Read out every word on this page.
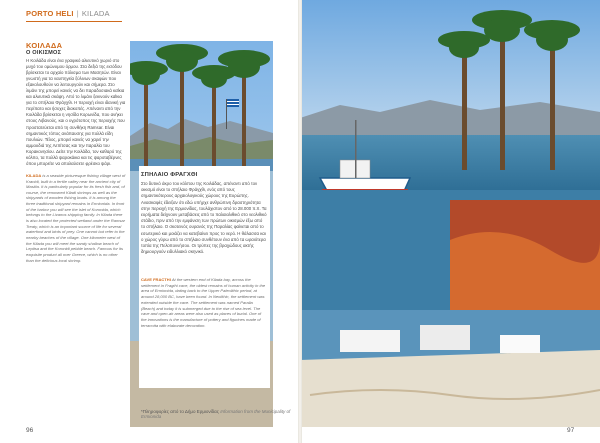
PORTO HELI | KILADA
ΚΟΙΛΑΔΑ
Ο ΟΙΚΙΣΜΟΣ

Η Κοιλάδα είναι ένα γραφικό αλιευτικό χωριό στο μυχό του ομώνυμου όρμου. Στα δεξιά της εισόδου βρίσκεται το αρχαίο πόλισμα των Μασητών. Είναι γνωστή για τα ναυπηγεία ξύλινων σκαφών που εξακολουθούν να λειτουργούν και σήμερα. Στο λιμάνι της μπορεί κανείς να δει παραδοσιακά καΐκια και αλιευτικά σκάφη. Από το λιμάνι ξεκινούν καΐκια για το σπήλαιο Φράγχθι. Η περιοχή είναι ιδανική για περίπατο και ήσυχες διακοπές. Απέναντι από την Κοιλάδα βρίσκεται η νησίδα Κορωνίδα, που ανήκει στους Λιβανούς, και ο υγρότοπος της περιοχής που προστατεύεται από τη συνθήκη Ramsar. Είναι σημαντικός τόπος ανάπαυσης για πολλά είδη πουλιών. Τέλος, μπορεί κανείς να χαρεί την αμμουδιά της Λεπίτσας και την παραλία του Κορακονησίου. Δείτε την Κοιλάδα, τον καθαρό της κόλπο, τα πολλά ψαροκάικα και τις ψαροταβέρνες όπου μπορείτε να απολαύσετε φρέσκο ψάρι.

KILADA is a seaside picturesque fishing village west of Kranidi, built in a fertile valley near the ancient city of Masitia. It is particularly popular for its fresh fish and, of course, the renowned Kiladi shrimps as well as the shipyards of wooden fishing boats. It is among the three traditional shipyard remains in Ermionida. In front of the harbor you will see the islet of Koronida, which belongs to the Livanos shipping family. In Kilada there is also located the protected wetland under the Ramsar Treaty, which is an important source of life for several waterfowl and birds of prey. One cannot but refer to the nearby beaches of the village. One kilometer west of the Kilada you will meet the sandy shallow beach of Lepitsa and the Koronidi pebble beach. Famous for its exquisite product all over Greece, which is no other than the delicious local shrimp.

ΣΠΗΛΑΙΟ ΦΡΑΓΧΘΙ

Στο δυτικό άκρο του κόλπου της Κοιλάδας, απέναντι από τον οικισμό είναι το σπήλαιο Φράγχθι, ενός από τους σημαντικότερους αρχαιολογικούς χώρους της Ευρώπης. Ανασκαφές έδειξαν ότι εδώ υπήρχε ανθρώπινη δραστηριότητα στην περιοχή της Ερμιονίδας, τουλάχιστον από το 28.000 π.Χ. Τα ευρήματα δείχνουν μεταβάσεις από το παλαιολιθικό στο νεολιθικό στάδιο, πριν από την εμφάνιση των πρώτων οικισμών έξω από το σπήλαιο. Ο σκοτεινός ουρανός της Παραλίας φαίνεται από το εσωτερικό και μοιάζει να κατεβαίνει προς το νερό. Η θάλασσα και ο χώρος γύρω από το σπήλαιο συνθέτουν ένα από τα ωραιότερα τοπία της Πελοποννήσου. Οι τρύπες της βραχώδους ακτής δημιουργούν ειδυλλιακό σκηνικό.

CAVE FRACTHI At the western end of Kilada bay, across the settlement in Fragthi cave, the oldest remains of human activity in the area of Ermionida, dating back to the Upper Paleolithic period, at around 28,000 BC, have been found. In Neolithic, the settlement was extended outside the cave. The settlement was named Paralia (Beach) and today it is submerged due to the rise of sea level. The cave and open-air areas were also used as places of burial. One of the innovations is the manufacture of pottery and figurines made of terracotta with elaborate decoration.

*Πληροφορίες από το Δήμο Ερμιονίδας Information from the Municipality of Ermionida
96	97
